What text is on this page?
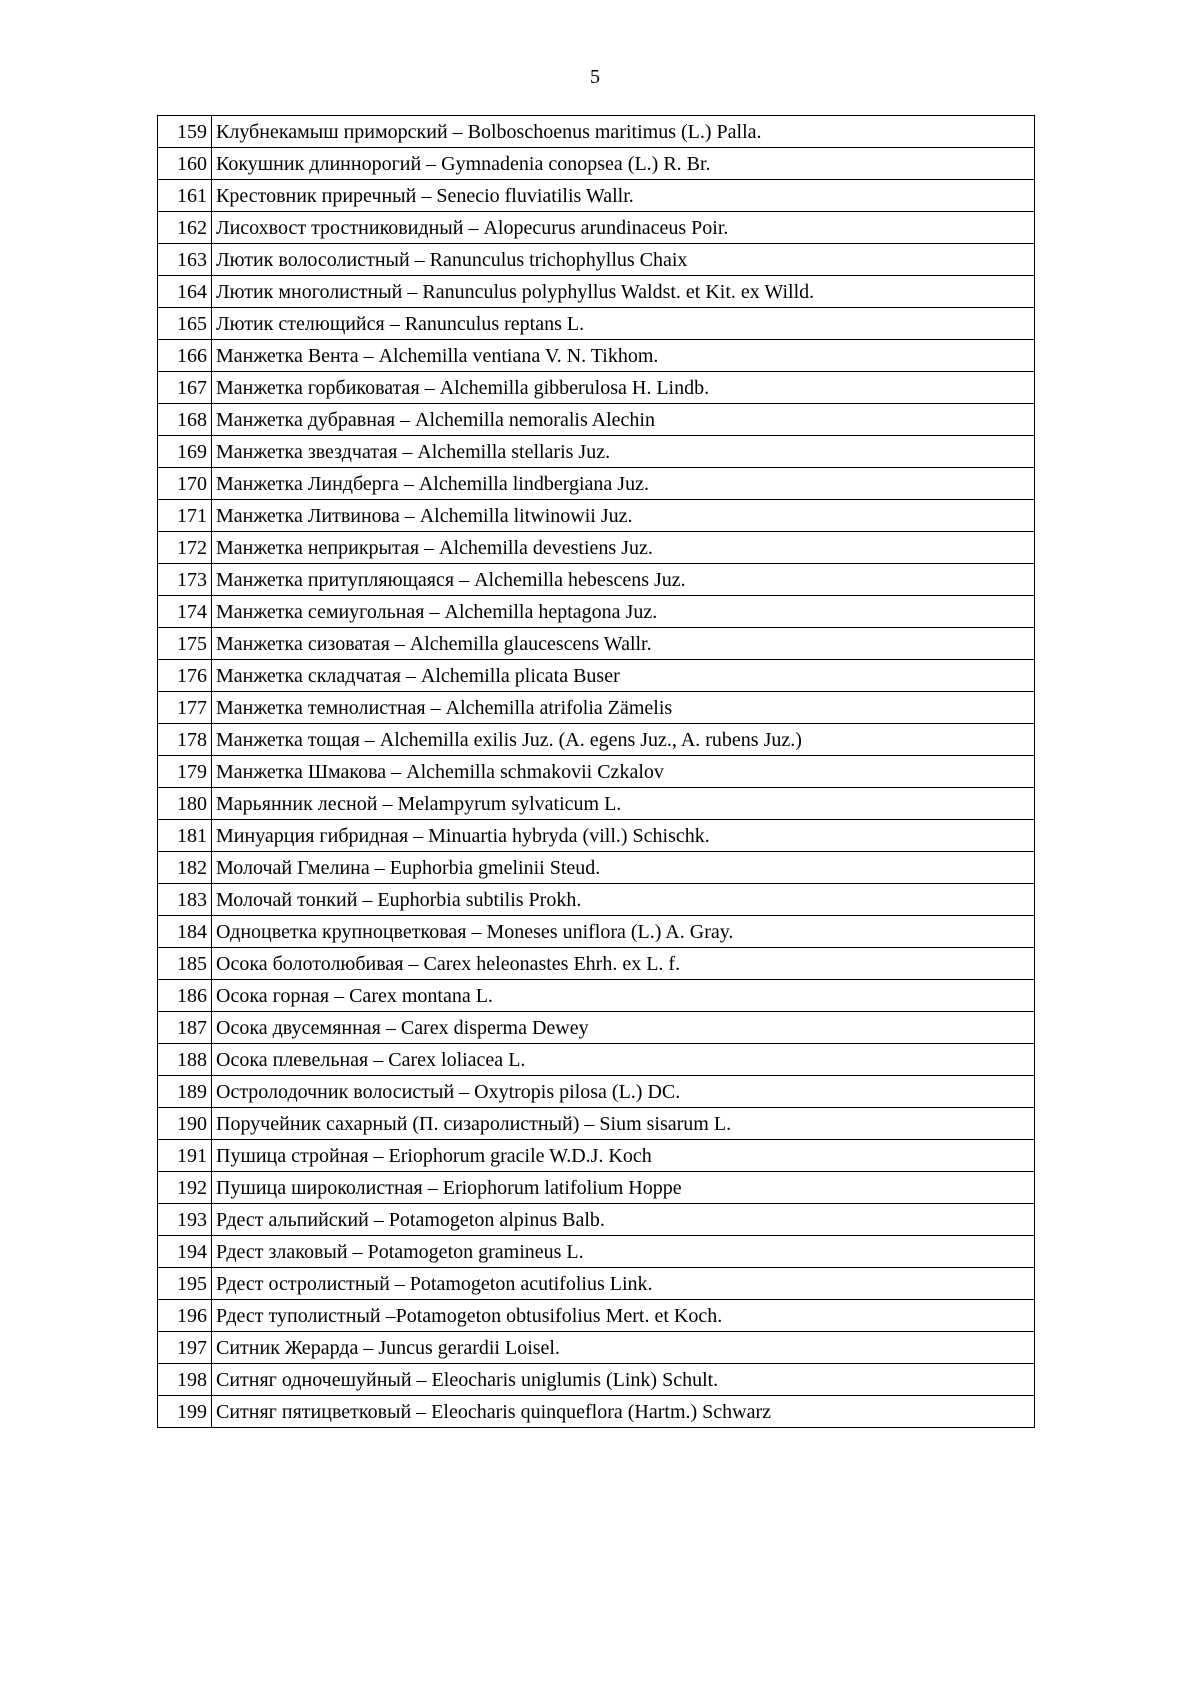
5
159	Клубнекамыш приморский – Bolboschoenus maritimus (L.) Palla.
160	Кокушник длиннорогий – Gymnadenia conopsea (L.) R. Br.
161	Крестовник приречный – Senecio fluviatilis Wallr.
162	Лисохвост тростниковидный – Alopecurus arundinaceus Poir.
163	Лютик волосолистный – Ranunculus trichophyllus Chaix
164	Лютик многолистный – Ranunculus polyphyllus Waldst. et Kit. ex Willd.
165	Лютик стелющийся – Ranunculus reptans L.
166	Манжетка Вента – Alchemilla ventiana V. N. Tikhom.
167	Манжетка горбиковатая – Alchemilla gibberulosa H. Lindb.
168	Манжетка дубравная – Alchemilla nemoralis Alechin
169	Манжетка звездчатая – Alchemilla stellaris Juz.
170	Манжетка Линдберга – Alchemilla lindbergiana Juz.
171	Манжетка Литвинова – Alchemilla litwinowii Juz.
172	Манжетка неприкрытая – Alchemilla devestiens Juz.
173	Манжетка притупляющаяся – Alchemilla hebescens Juz.
174	Манжетка семиугольная – Alchemilla heptagona Juz.
175	Манжетка сизоватая – Alchemilla glaucescens Wallr.
176	Манжетка складчатая – Alchemilla plicata Buser
177	Манжетка темнолистная – Alchemilla atrifolia Zämelis
178	Манжетка тощая – Alchemilla exilis Juz. (A. egens Juz., A. rubens Juz.)
179	Манжетка Шмакова – Alchemilla schmakovii Czkalov
180	Марьянник лесной – Melampyrum sylvaticum L.
181	Минуарция гибридная – Minuartia hybryda (vill.) Schischk.
182	Молочай Гмелина – Euphorbia gmelinii Steud.
183	Молочай тонкий – Euphorbia subtilis Prokh.
184	Одноцветка крупноцветковая – Moneses uniflora (L.) A. Gray.
185	Осока болотолюбивая – Carex heleonastes Ehrh. ex L. f.
186	Осока горная – Carex montana L.
187	Осока двусемянная – Carex disperma Dewey
188	Осока плевельная – Carex loliacea L.
189	Остролодочник волосистый – Oxytropis pilosa (L.) DC.
190	Поручейник сахарный (П. сизаролистный) – Sium sisarum L.
191	Пушица стройная – Eriophorum gracile W.D.J. Koch
192	Пушица широколистная – Eriophorum latifolium Hoppe
193	Рдест альпийский – Potamogeton alpinus Balb.
194	Рдест злаковый – Potamogeton gramineus L.
195	Рдест остролистный – Potamogeton acutifolius Link.
196	Рдест туполистный –Potamogeton obtusifolius Mert. et Koch.
197	Ситник Жерарда – Juncus gerardii Loisel.
198	Ситняг одночешуйный – Eleocharis uniglumis (Link) Schult.
199	Ситняг пятицветковый – Eleocharis quinqueflora (Hartm.) Schwarz
